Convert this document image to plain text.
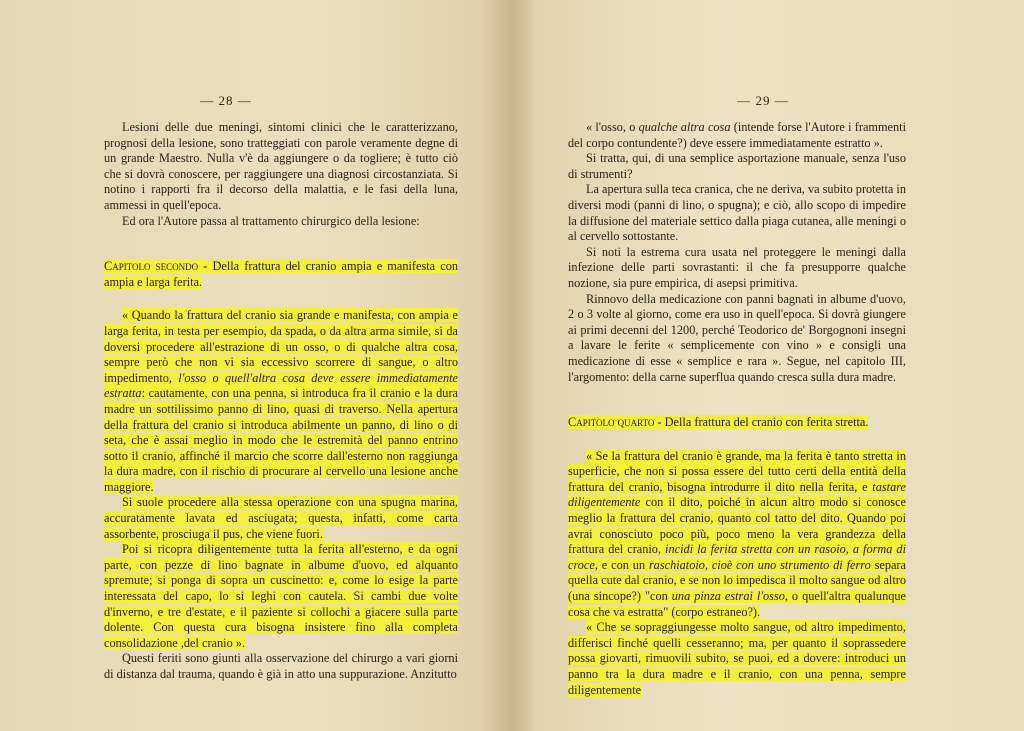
— 28 —

Lesioni delle due meningi, sintomi clinici che le caratterizzano, prognosi della lesione, sono tratteggiati con parole veramente degne di un grande Maestro. Nulla v'è da aggiungere o da togliere; è tutto ciò che si dovrà conoscere, per raggiungere una diagnosi circostanziata. Si notino i rapporti fra il decorso della malattia, e le fasi della luna, ammessi in quell'epoca.

Ed ora l'Autore passa al trattamento chirurgico della lesione:

Capitolo secondo - Della frattura del cranio ampia e manifesta con ampia e larga ferita.

« Quando la frattura del cranio sia grande e manifesta, con ampia e larga ferita, in testa per esempio, da spada, o da altra arma simile, sì da doversi procedere all'estrazione di un osso, o di qualche altra cosa, sempre però che non vi sia eccessivo scorrere di sangue, o altro impedimento, l'osso o quell'altra cosa deve essere immediatamente estratta: cautamente, con una penna, si introduca fra il cranio e la dura madre un sottilissimo panno di lino, quasi di traverso. Nella apertura della frattura del cranio si introduca abilmente un panno, di lino o di seta, che è assai meglio in modo che le estremità del panno entrino sotto il cranio, affinché il marcio che scorre dall'esterno non raggiunga la dura madre, con il rischio di procurare al cervello una lesione anche maggiore.

Si suole procedere alla stessa operazione con una spugna marina, accuratamente lavata ed asciugata; questa, infatti, come carta assorbente, prosciuga il pus, che viene fuori.

Poi si ricopra diligentemente tutta la ferita all'esterno, e da ogni parte, con pezze di lino bagnate in albume d'uovo, ed alquanto spremute; si ponga di sopra un cuscinetto: e, come lo esige la parte interessata del capo, lo si leghi con cautela. Si cambi due volte d'inverno, e tre d'estate, e il paziente si collochi a giacere sulla parte dolente. Con questa cura bisogna insistere fino alla completa consolidazione ,del cranio ».

Questi feriti sono giunti alla osservazione del chirurgo a vari giorni di distanza dal trauma, quando è già in atto una suppurazione. Anzitutto

— 29 —

« l'osso, o qualche altra cosa (intende forse l'Autore i frammenti del corpo contundente?) deve essere immediatamente estratto ».

Si tratta, qui, di una semplice asportazione manuale, senza l'uso di strumenti?

La apertura sulla teca cranica, che ne deriva, va subito protetta in diversi modi (panni di lino, o spugna); e ciò, allo scopo di impedire la diffusione del materiale settico dalla piaga cutanea, alle meningi o al cervello sottostante.

Si noti la estrema cura usata nel proteggere le meningi dalla infezione delle parti sovrastanti: il che fa presupporre qualche nozione, sia pure empirica, di asepsi primitiva.

Rinnovo della medicazione con panni bagnati in albume d'uovo, 2 o 3 volte al giorno, come era uso in quell'epoca. Si dovrà giungere ai primi decenni del 1200, perché Teodorico de' Borgognoni insegni a lavare le ferite « semplicemente con vino » e consigli una medicazione di esse « semplice e rara ». Segue, nel capitolo III, l'argomento: della carne superflua quando cresca sulla dura madre.

Capitolo quarto - Della frattura del cranio con ferita stretta.

« Se la frattura del cranio è grande, ma la ferita è tanto stretta in superficie, che non si possa essere del tutto certi della entità della frattura del cranio, bisogna introdurre il dito nella ferita, e tastare diligentemente con il dito, poiché in alcun altro modo si conosce meglio la frattura del cranio, quanto col tatto del dito. Quando poi avrai conosciuto poco più, poco meno la vera grandezza della frattura del cranio, incidi la ferita stretta con un rasoio, a forma di croce, e con un raschiatoio, cioè con uno strumento di ferro separa quella cute dal cranio, e se non lo impedisca il molto sangue od altro (una sincope?) "con una pinza estrai l'osso, o quell'altra qualunque cosa che va estratta" (corpo estraneo?).

« Che se sopraggiungesse molto sangue, od altro impedimento, differisci finché quelli cesseranno; ma, per quanto il soprassedere possa giovarti, rimuovili subito, se puoi, ed a dovere: introduci un panno tra la dura madre e il cranio, con una penna, sempre diligentemente
